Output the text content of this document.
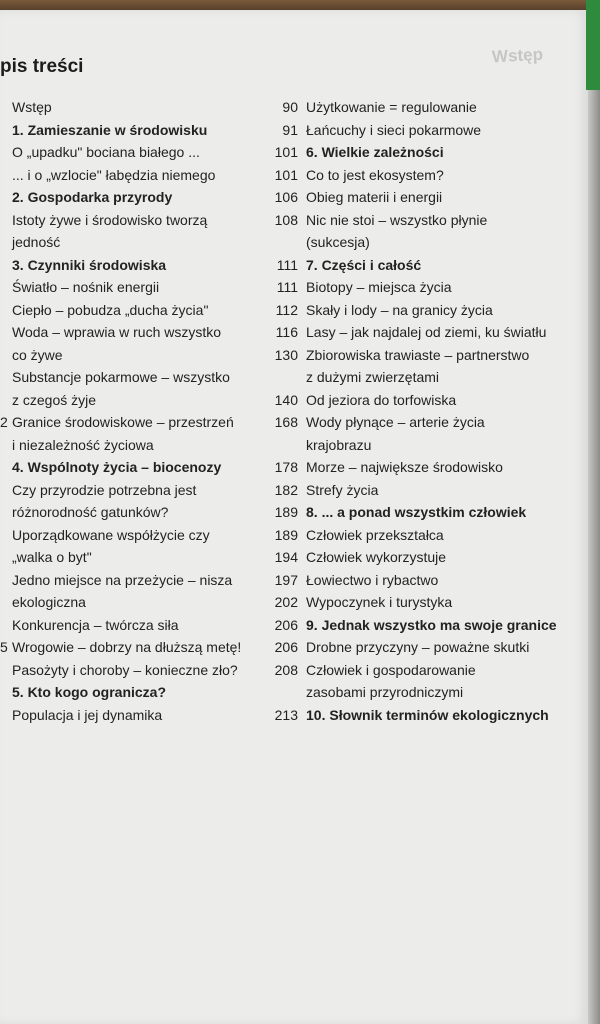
Wstęp
pis treści
Wstęp
1. Zamieszanie w środowisku
O „upadku" bociana białego ...
... i o „wzlocie" łabędzia niemego
2. Gospodarka przyrody
Istoty żywe i środowisko tworzą
jedność
3. Czynniki środowiska
Światło – nośnik energii
Ciepło – pobudza „ducha życia"
Woda – wprawia w ruch wszystko
co żywe
Substancje pokarmowe – wszystko
z czegoś żyje
2 Granice środowiskowe – przestrzeń
i niezależność życiowa
4. Wspólnoty życia – biocenozy
Czy przyrodzie potrzebna jest
różnorodność gatunków?
Uporządkowane współżycie czy
„walka o byt"
Jedno miejsce na przeżycie – nisza
ekologiczna
Konkurencja – twórcza siła
5 Wrogowie – dobrzy na dłuższą metę!
Pasożyty i choroby – konieczne zło?
5. Kto kogo ogranicza?
Populacja i jej dynamika
90 Użytkowanie = regulowanie
91 Łańcuchy i sieci pokarmowe
101 6. Wielkie zależności
101 Co to jest ekosystem?
106 Obieg materii i energii
108 Nic nie stoi – wszystko płynie
(sukcesja)
111 7. Części i całość
111 Biotopy – miejsca życia
112 Skały i lody – na granicy życia
116 Lasy – jak najdalej od ziemi, ku światłu
130 Zbiorowiska trawiaste – partnerstwo
z dużymi zwierzętami
140 Od jeziora do torfowiska
168 Wody płynące – arterie życia
krajobrazu
178 Morze – największe środowisko
182 Strefy życia
189 8. ... a ponad wszystkim człowiek
189 Człowiek przekształca
194 Człowiek wykorzystuje
197 Łowiectwo i rybactwo
202 Wypoczynek i turystyka
206 9. Jednak wszystko ma swoje granice
206 Drobne przyczyny – poważne skutki
208 Człowiek i gospodarowanie
zasobami przyrodniczymi
213 10. Słownik terminów ekologicznych
